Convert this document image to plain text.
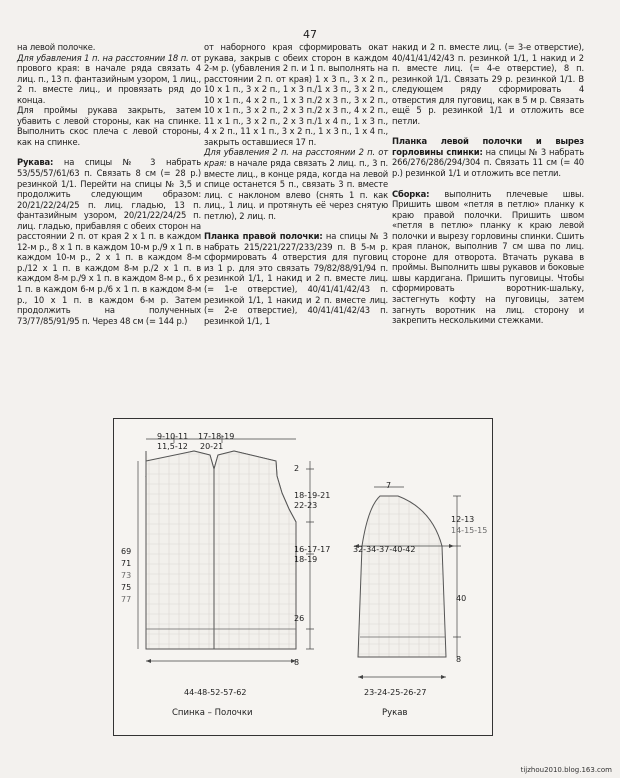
47

на левой полочке.

Для убавления 1 п. на расстоянии 18 п. от прового края: в начале ряда связать 4 лиц. п., 13 п. фантазийным узором, 1 лиц., 2 п. вместе лиц., и провязать ряд до конца.

Для проймы рукава закрыть, затем убавить с левой стороны, как на спинке. Выполнить скос плеча с левой стороны, как на спинке.

Рукава: на спицы № 3 набрать 53/55/57/61/63 п. Связать 8 см (= 28 р.) резинкой 1/1. Перейти на спицы № 3,5 и продолжить следующим образом: 20/21/22/24/25 п. лиц. гладью, 13 п. фантазийным узором, 20/21/22/24/25 п. лиц. гладью, прибавляя с обеих сторон на расстоянии 2 п. от края 2 х 1 п. в каждом 12-м р., 8 х 1 п. в каждом 10-м р./9 х 1 п. в каждом 10-м р., 2 х 1 п. в каждом 8-м р./12 х 1 п. в каждом 8-м р./2 х 1 п. в каждом 8-м р./9 х 1 п. в каждом 8-м р., 6 х 1 п. в каждом 6-м р./6 х 1 п. в каждом 8-м р., 10 х 1 п. в каждом 6-м р. Затем продолжить на полученных 73/77/85/91/95 п. Через 48 см (= 144 р.)

от наборного края сформировать окат рукава, закрыв с обеих сторон в каждом 2-м р. (убавления 2 п. и 1 п. выполнять на расстоянии 2 п. от края) 1 х 3 п., 3 х 2 п., 10 х 1 п., 3 х 2 п., 1 х 3 п./1 х 3 п., 3 х 2 п., 10 х 1 п., 4 х 2 п., 1 х 3 п./2 х 3 п., 3 х 2 п., 10 х 1 п., 3 х 2 п., 2 х 3 п./2 х 3 п., 4 х 2 п., 11 х 1 п., 3 х 2 п., 2 х 3 п./1 х 4 п., 1 х 3 п., 4 х 2 п., 11 х 1 п., 3 х 2 п., 1 х 3 п., 1 х 4 п., закрыть оставшиеся 17 п.

Для убавления 2 п. на расстоянии 2 п. от края: в начале ряда связать 2 лиц. п., 3 п. вместе лиц., в конце ряда, когда на левой спице останется 5 п., связать 3 п. вместе лиц. с наклоном влево (снять 1 п. как лиц., 1 лиц. и протянуть её через снятую петлю), 2 лиц. п.

Планка правой полочки: на спицы № 3 набрать 215/221/227/233/239 п. В 5-м р. сформировать 4 отверстия для пуговиц из 1 р. для это связать 79/82/88/91/94 п. резинкой 1/1, 1 накид и 2 п. вместе лиц. (= 1-е отверстие), 40/41/41/42/43 п. резинкой 1/1, 1 накид и 2 п. вместе лиц. (= 2-е отверстие), 40/41/41/42/43 п. резинкой 1/1, 1

накид и 2 п. вместе лиц. (= 3-е отверстие), 40/41/41/42/43 п. резинкой 1/1, 1 накид и 2 п. вместе лиц. (= 4-е отверстие), 8 п. резинкой 1/1. Связать 29 р. резинкой 1/1. В следующем ряду сформировать 4 отверстия для пуговиц, как в 5 м р. Связать ещё 5 р. резинкой 1/1 и отложить все петли.

Планка левой полочки и вырез горловины спинки: на спицы № 3 набрать 266/276/286/294/304 п. Связать 11 см (= 40 р.) резинкой 1/1 и отложить все петли.

Сборка: выполнить плечевые швы. Пришить швом «петля в петлю» планку к краю правой полочки. Пришить швом «петля в петлю» планку к краю левой полочки и вырезу горловины спинки. Сшить края планок, выполнив 7 см шва по лиц. стороне для отворота. Втачать рукава в проймы. Выполнить швы рукавов и боковые швы кардигана. Пришить пуговицы. Чтобы сформировать воротник-шальку, застегнуть кофту на пуговицы, затем загнуть воротник на лиц. сторону и закрепить несколькими стежками.

9-10-11
11,5-12
17-18-19
20-21
2
18-19-21
22-23
16-17-17
18-19
26
8
69
71
73
75
77
44-48-52-57-62
Спинка – Полочки
7
12-13
14-15-15
32-34-37-40-42
40
8
23-24-25-26-27
Рукав
tijzhou2010.blog.163.com
